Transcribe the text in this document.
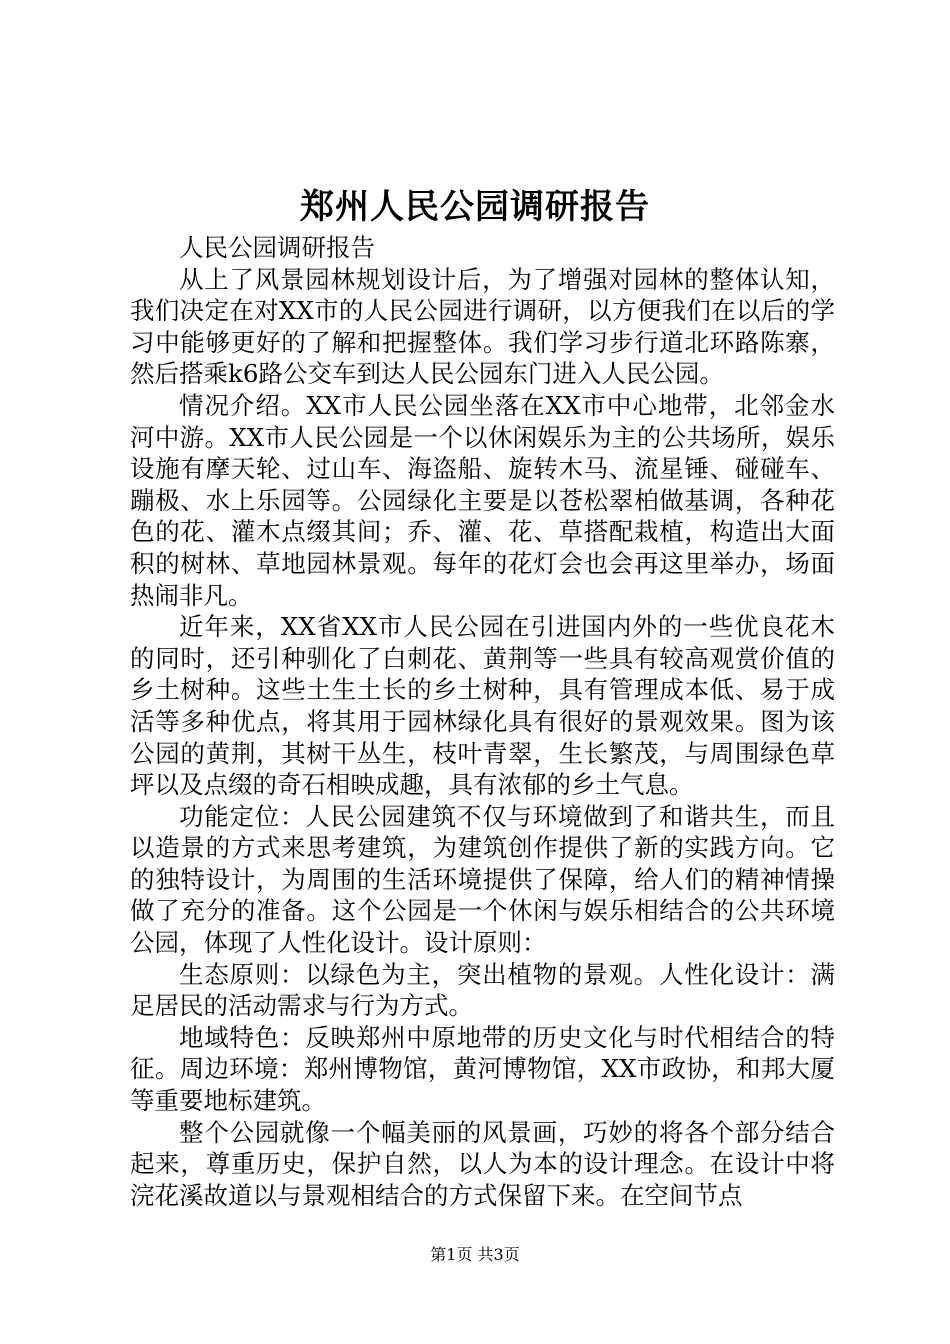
郑州人民公园调研报告

人民公园调研报告

从上了风景园林规划设计后，为了增强对园林的整体认知，我们决定在对XX市的人民公园进行调研，以方便我们在以后的学习中能够更好的了解和把握整体。我们学习步行道北环路陈寨，然后搭乘k6路公交车到达人民公园东门进入人民公园。

情况介绍。XX市人民公园坐落在XX市中心地带，北邻金水河中游。XX市人民公园是一个以休闲娱乐为主的公共场所，娱乐设施有摩天轮、过山车、海盗船、旋转木马、流星锤、碰碰车、蹦极、水上乐园等。公园绿化主要是以苍松翠柏做基调，各种花色的花、灌木点缀其间；乔、灌、花、草搭配栽植，构造出大面积的树林、草地园林景观。每年的花灯会也会再这里举办，场面热闹非凡。

近年来，XX省XX市人民公园在引进国内外的一些优良花木的同时，还引种驯化了白刺花、黄荆等一些具有较高观赏价值的乡土树种。这些土生土长的乡土树种，具有管理成本低、易于成活等多种优点，将其用于园林绿化具有很好的景观效果。图为该公园的黄荆，其树干丛生，枝叶青翠，生长繁茂，与周围绿色草坪以及点缀的奇石相映成趣，具有浓郁的乡土气息。

功能定位：人民公园建筑不仅与环境做到了和谐共生，而且以造景的方式来思考建筑，为建筑创作提供了新的实践方向。它的独特设计，为周围的生活环境提供了保障，给人们的精神情操做了充分的准备。这个公园是一个休闲与娱乐相结合的公共环境公园，体现了人性化设计。设计原则：

生态原则：以绿色为主，突出植物的景观。人性化设计：满足居民的活动需求与行为方式。

地域特色：反映郑州中原地带的历史文化与时代相结合的特征。周边环境：郑州博物馆，黄河博物馆，XX市政协，和邦大厦等重要地标建筑。

整个公园就像一个幅美丽的风景画，巧妙的将各个部分结合起来，尊重历史，保护自然，以人为本的设计理念。在设计中将浣花溪故道以与景观相结合的方式保留下来。在空间节点

第1页 共3页
